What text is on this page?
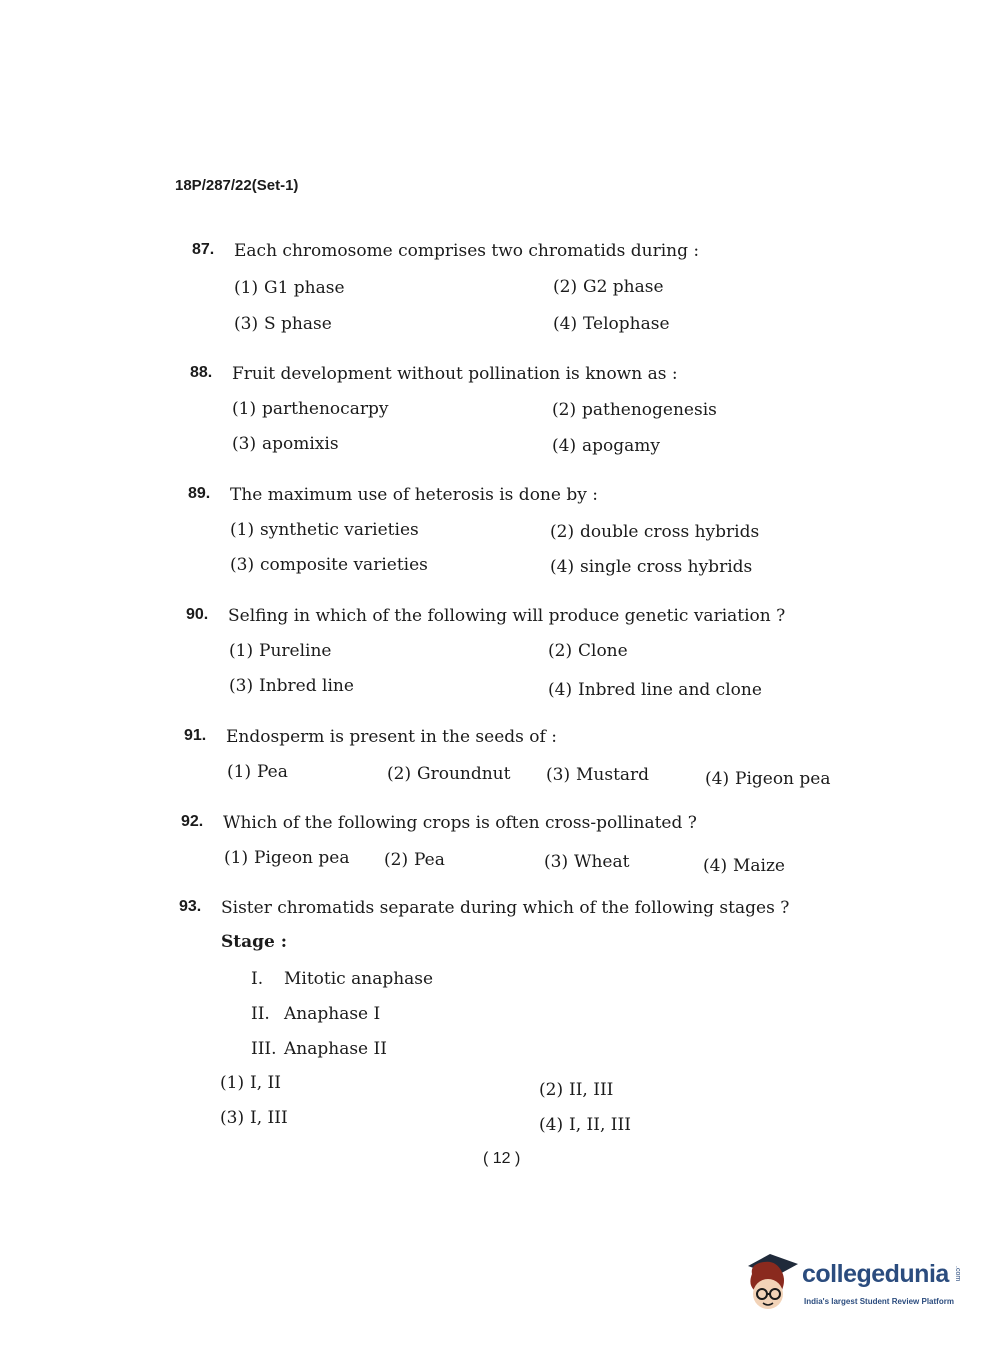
18P/287/22(Set-1)
87. Each chromosome comprises two chromatids during :
(1) G1 phase	(2) G2 phase
(3) S phase	(4) Telophase
88. Fruit development without pollination is known as :
(1) parthenocarpy	(2) pathenogenesis
(3) apomixis	(4) apogamy
89. The maximum use of heterosis is done by :
(1) synthetic varieties	(2) double cross hybrids
(3) composite varieties	(4) single cross hybrids
90. Selfing in which of the following will produce genetic variation ?
(1) Pureline	(2) Clone
(3) Inbred line	(4) Inbred line and clone
91. Endosperm is present in the seeds of :
(1) Pea	(2) Groundnut (3) Mustard	(4) Pigeon pea
92. Which of the following crops is often cross-pollinated ?
(1) Pigeon pea (2) Pea	(3) Wheat	(4) Maize
93. Sister chromatids separate during which of the following stages ?
Stage :
I. Mitotic anaphase
II. Anaphase I
III. Anaphase II
(1) I, II	(2) II, III
(3) I, III	(4) I, II, III
( 12 )
collegedunia .com
India's largest Student Review Platform
